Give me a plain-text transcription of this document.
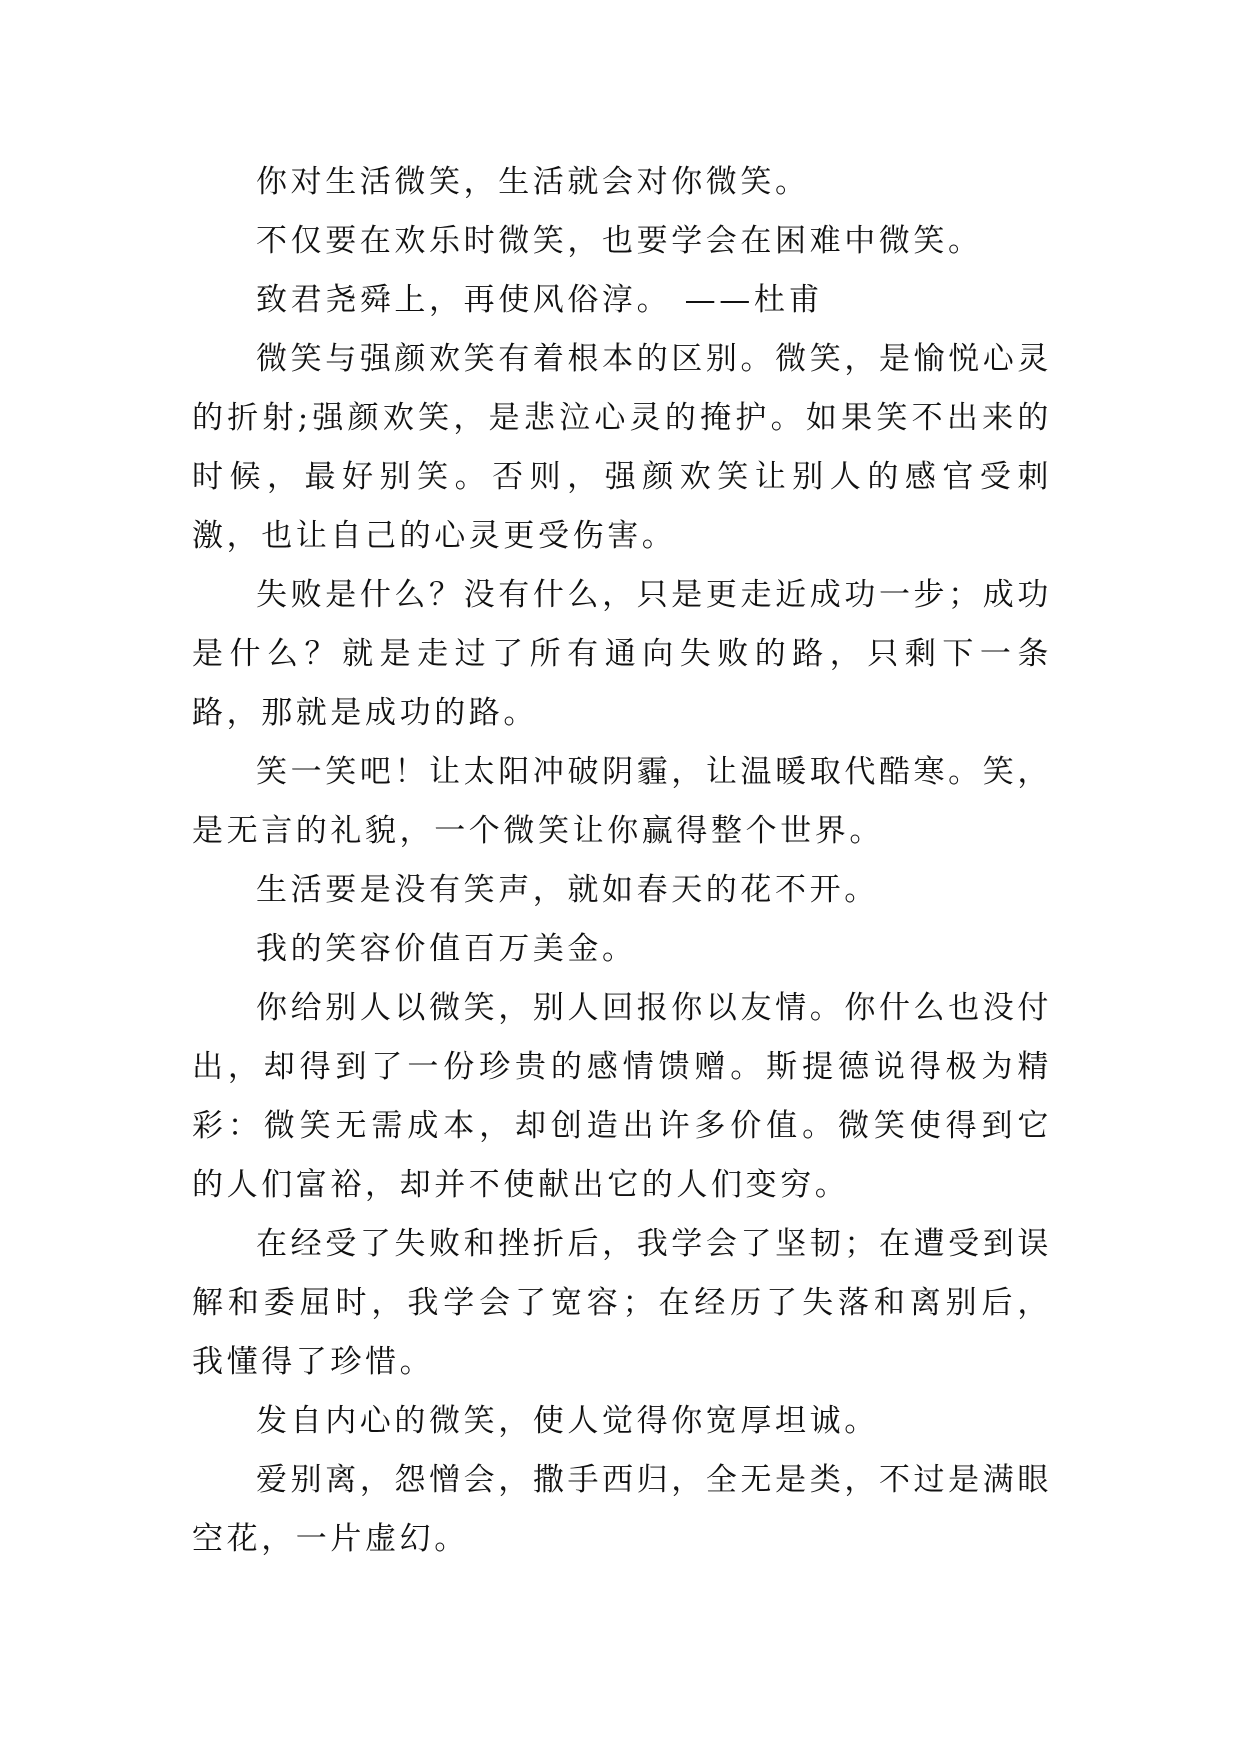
你对生活微笑，生活就会对你微笑。

不仅要在欢乐时微笑，也要学会在困难中微笑。

致君尧舜上，再使风俗淳。 ——杜甫

微笑与强颜欢笑有着根本的区别。微笑，是愉悦心灵的折射;强颜欢笑，是悲泣心灵的掩护。如果笑不出来的时候，最好别笑。否则，强颜欢笑让别人的感官受刺激，也让自己的心灵更受伤害。

失败是什么？没有什么，只是更走近成功一步；成功是什么？就是走过了所有通向失败的路，只剩下一条路，那就是成功的路。

笑一笑吧！让太阳冲破阴霾，让温暖取代酷寒。笑，是无言的礼貌，一个微笑让你赢得整个世界。

生活要是没有笑声，就如春天的花不开。

我的笑容价值百万美金。

你给别人以微笑，别人回报你以友情。你什么也没付出，却得到了一份珍贵的感情馈赠。斯提德说得极为精彩：微笑无需成本，却创造出许多价值。微笑使得到它的人们富裕，却并不使献出它的人们变穷。

在经受了失败和挫折后，我学会了坚韧；在遭受到误解和委屈时，我学会了宽容；在经历了失落和离别后，我懂得了珍惜。

发自内心的微笑，使人觉得你宽厚坦诚。

爱别离，怨憎会，撒手西归，全无是类，不过是满眼空花，一片虚幻。
